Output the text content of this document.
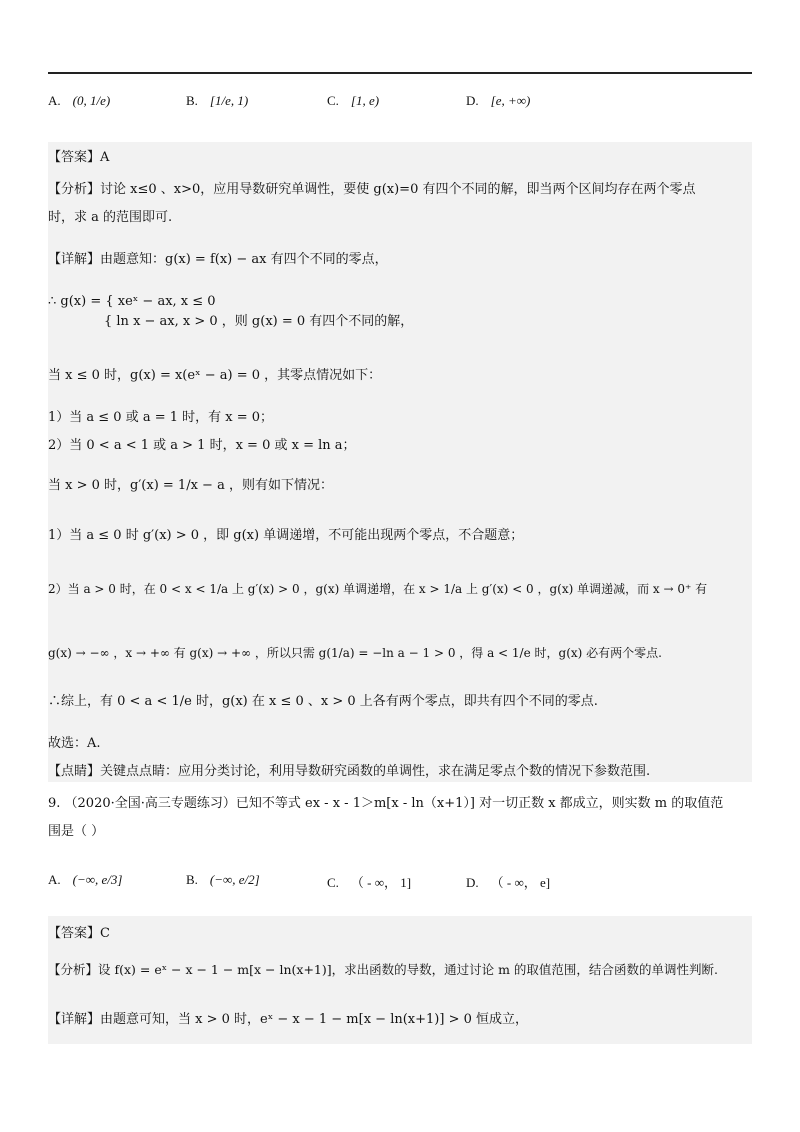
A. (0, 1/e)	B. [1/e, 1)	C. [1, e)	D. [e, +∞)
【答案】A
【分析】讨论 x≤0 、x>0，应用导数研究单调性，要使 g(x)=0 有四个不同的解，即当两个区间均存在两个零点
时，求 a 的范围即可.
【详解】由题意知：g(x) = f(x) − ax 有四个不同的零点，
∴ g(x) = { xeˣ − ax, x ≤ 0
{ ln x − ax, x > 0 ，则 g(x) = 0 有四个不同的解，
当 x ≤ 0 时，g(x) = x(eˣ − a) = 0 ，其零点情况如下：
1）当 a ≤ 0 或 a = 1 时，有 x = 0；
2）当 0 < a < 1 或 a > 1 时，x = 0 或 x = ln a；
当 x > 0 时，g′(x) = 1/x − a ，则有如下情况：
1）当 a ≤ 0 时 g′(x) > 0 ，即 g(x) 单调递增，不可能出现两个零点，不合题意；
2）当 a > 0 时，在 0 < x < 1/a 上 g′(x) > 0 ，g(x) 单调递增，在 x > 1/a 上 g′(x) < 0 ，g(x) 单调递减，而 x → 0⁺ 有
g(x) → −∞ ，x → +∞ 有 g(x) → +∞ ，所以只需 g(1/a) = −ln a − 1 > 0 ，得 a < 1/e 时，g(x) 必有两个零点.
∴综上，有 0 < a < 1/e 时，g(x) 在 x ≤ 0 、x > 0 上各有两个零点，即共有四个不同的零点.
故选：A.
【点睛】关键点点睛：应用分类讨论，利用导数研究函数的单调性，求在满足零点个数的情况下参数范围.
9. （2020·全国·高三专题练习）已知不等式 ex - x - 1＞m[x - ln（x+1）] 对一切正数 x 都成立，则实数 m 的取值范
围是（ ）
A. (−∞, e/3]	B. (−∞, e/2]	C. （ - ∞， 1]	D. （ - ∞， e]
【答案】C
【分析】设 f(x) = eˣ − x − 1 − m[x − ln(x+1)]，求出函数的导数，通过讨论 m 的取值范围，结合函数的单调性判断.
【详解】由题意可知，当 x > 0 时，eˣ − x − 1 − m[x − ln(x+1)] > 0 恒成立，
